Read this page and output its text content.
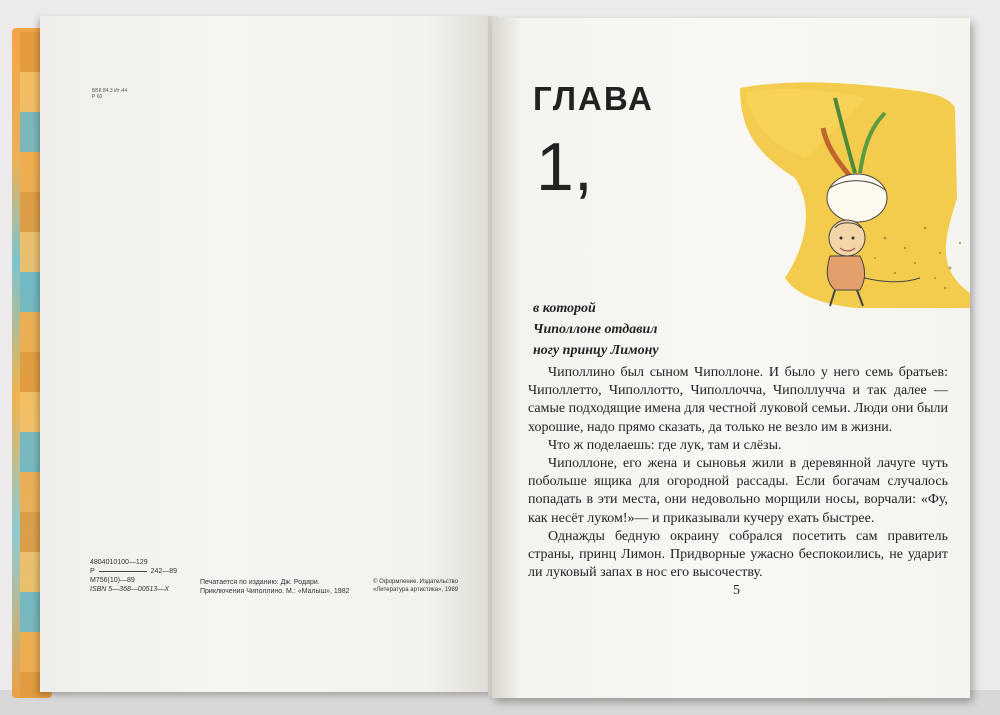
ББК 84.3 Ит-44
Р 60
4804010100—129
Р	242—89
М756(10)—89
ISBN 5—368—00513—X
Печатается по изданию: Дж. Родари.
Приключения Чиполлино. М.: «Малыш», 1982
© Оформление. Издательство
«Литература артистика», 1989
ГЛАВА
1,
в которой
Чиполлоне отдавил
ногу принцу Лимону

Чиполлино был сыном Чиполлоне. И было у него семь братьев: Чиполлетто, Чиполлотто, Чиполлочча, Чиполлучча и так далее — самые подходящие имена для честной луковой семьи. Люди они были хорошие, надо прямо сказать, да только не везло им в жизни.

Что ж поделаешь: где лук, там и слёзы.

Чиполлоне, его жена и сыновья жили в деревянной лачуге чуть побольше ящика для огородной рассады. Если богачам случалось попадать в эти места, они недовольно морщили носы, ворчали: «Фу, как несёт луком!»— и приказывали кучеру ехать быстрее.

Однажды бедную окраину собрался посетить сам правитель страны, принц Лимон. Придворные ужасно беспокоились, не ударит ли луковый запах в нос его высочеству.

5
